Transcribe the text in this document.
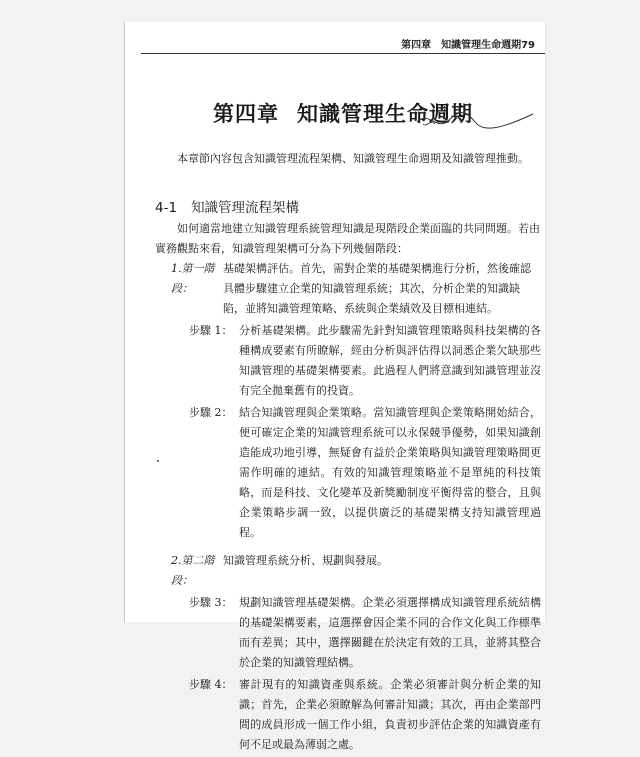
第四章 知識管理生命週期79
第四章 知識管理生命週期
本章節內容包含知識管理流程架構、知識管理生命週期及知識管理推動。
4-1 知識管理流程架構
如何適當地建立知識管理系統管理知識是現階段企業面臨的共同問題。若由實務觀點來看，知識管理架構可分為下列幾個階段：
1.第一階段：
基礎架構評估。首先，需對企業的基礎架構進行分析，然後確認具體步驟建立企業的知識管理系統；其次，分析企業的知識缺陷，並將知識管理策略、系統與企業績效及目標相連結。
步驟 1： 分析基礎架構。此步驟需先針對知識管理策略與科技架構的各種構成要素有所瞭解，經由分析與評估得以洞悉企業欠缺那些知識管理的基礎架構要素。此過程人們將意識到知識管理並沒有完全拋棄舊有的投資。
步驟 2： 結合知識管理與企業策略。當知識管理與企業策略開始結合，便可確定企業的知識管理系統可以永保競爭優勢，如果知識創造能成功地引導，無疑會有益於企業策略與知識管理策略間更需作明確的連結。有效的知識管理策略並不是單純的科技策略，而是科技、文化變革及新獎勵制度平衡得當的整合，且與企業策略步調一致，以提供廣泛的基礎架構支持知識管理過程。
2.第二階段：
知識管理系統分析、規劃與發展。
步驟 3： 規劃知識管理基礎架構。企業必須選擇構成知識管理系統結構的基礎架構要素，這選擇會因企業不同的合作文化與工作標準而有差異；其中，選擇關鍵在於決定有效的工具，並將其整合於企業的知識管理結構。
步驟 4： 審計現有的知識資產與系統。企業必須審計與分析企業的知識；首先，企業必須瞭解為何審計知識；其次，再由企業部門間的成員形成一個工作小組，負責初步評估企業的知識資產有何不足或最為薄弱之處。
